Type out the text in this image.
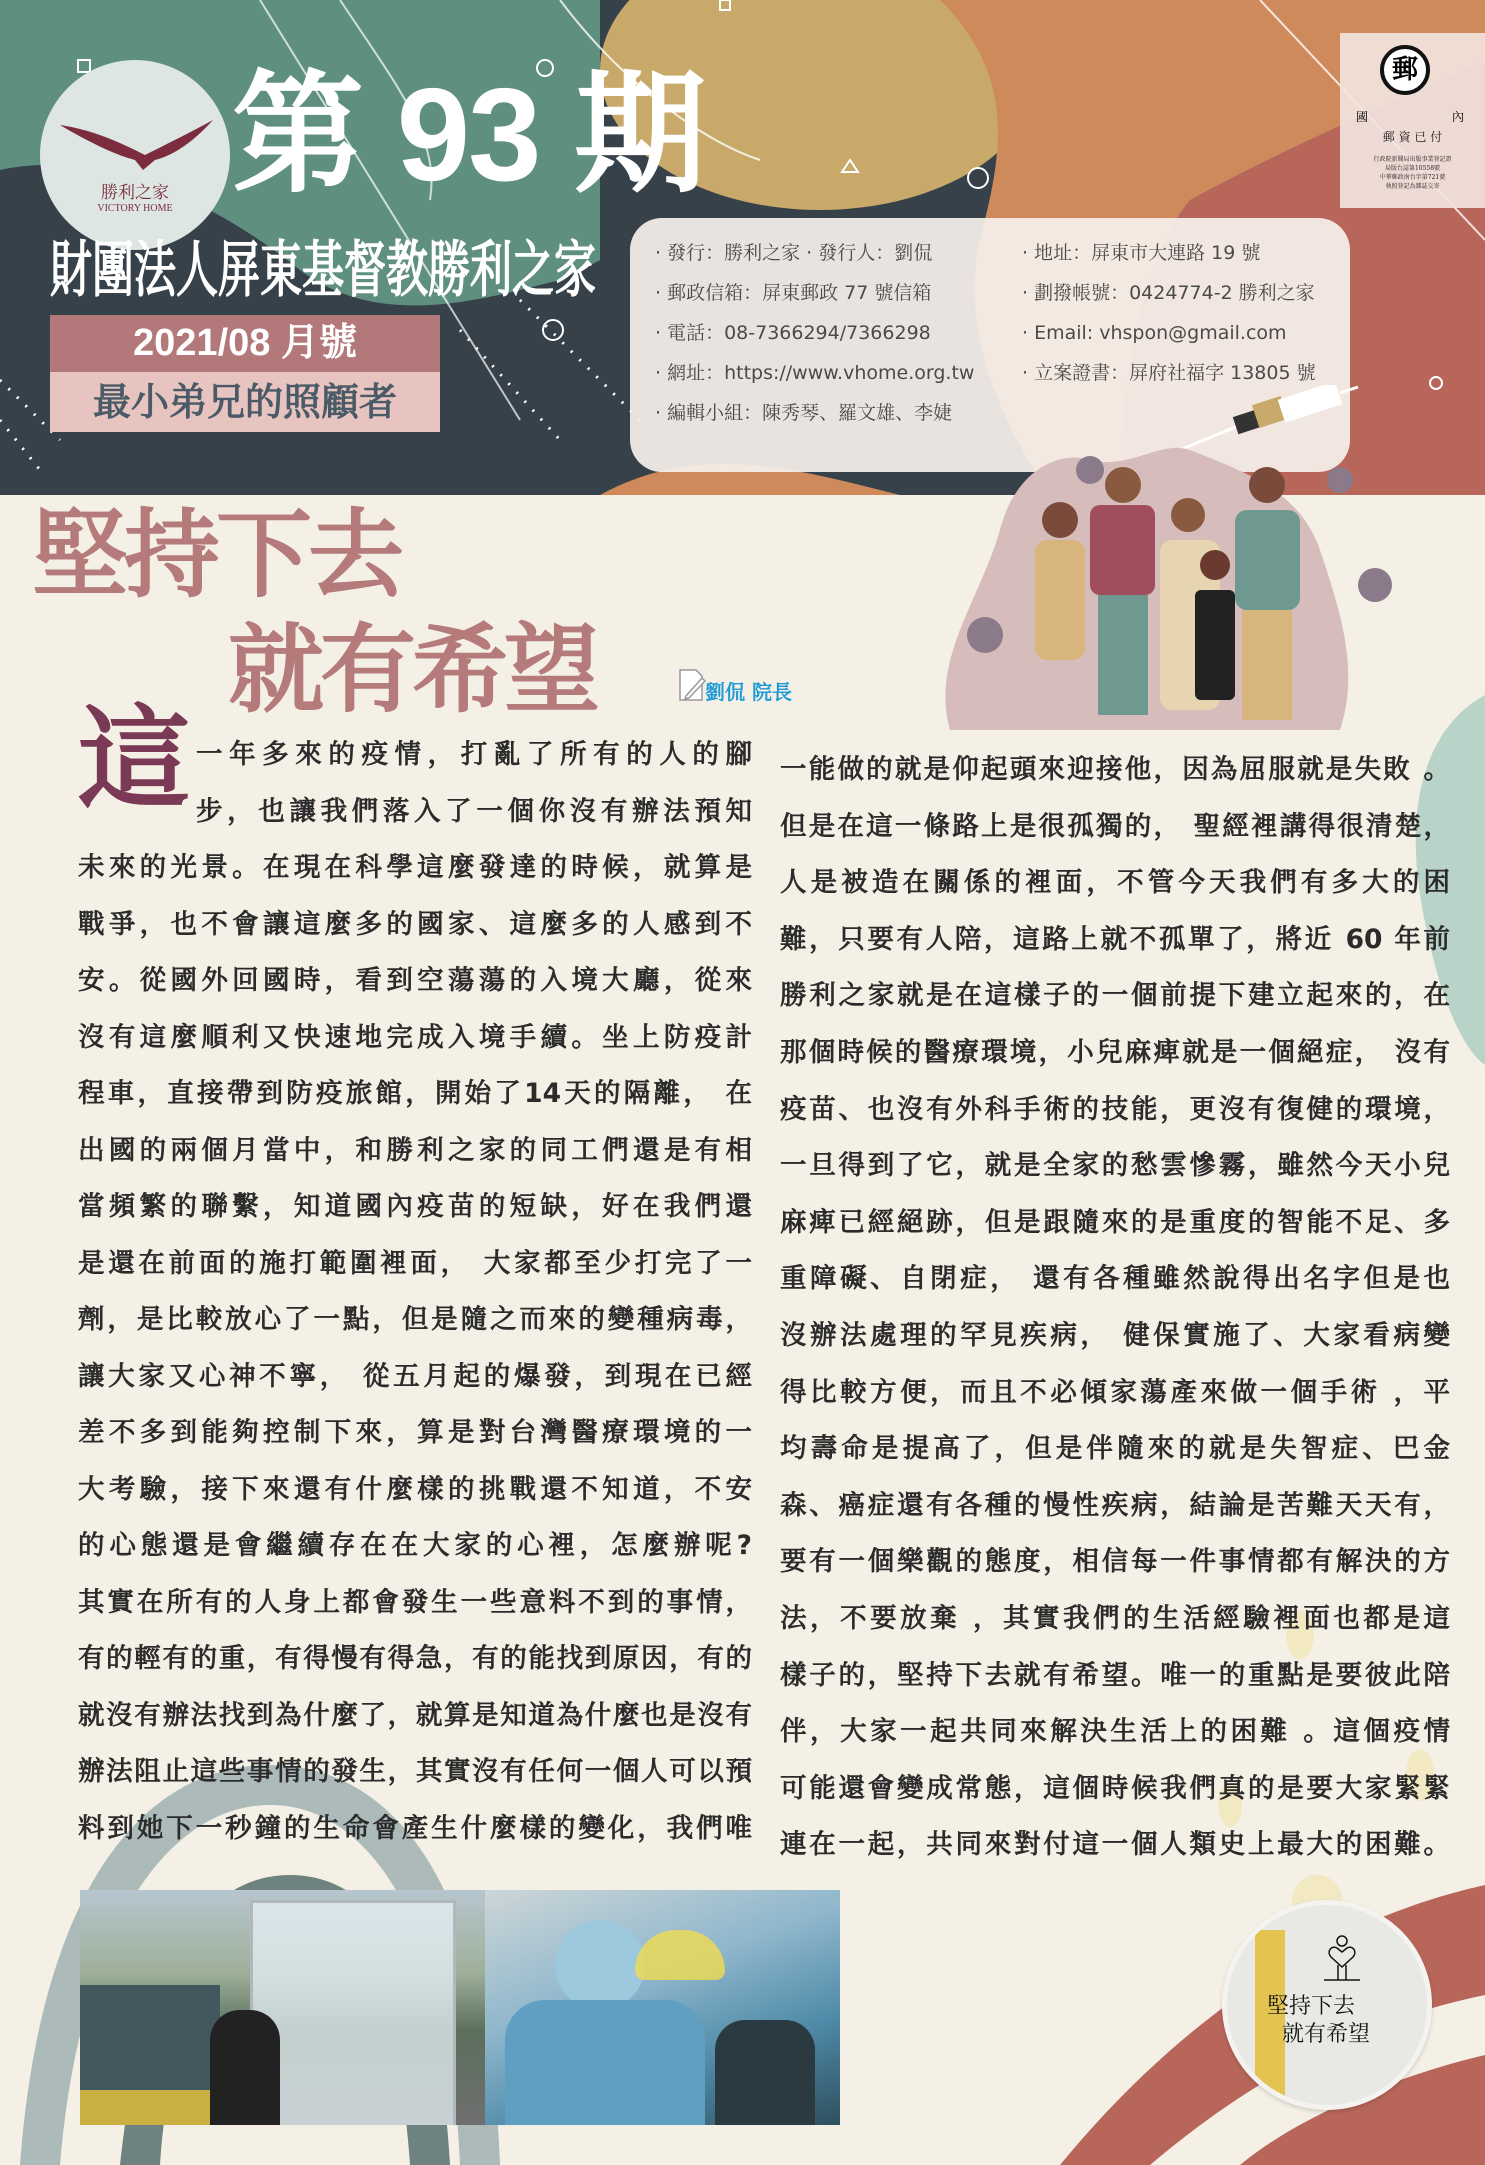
勝利之家
VICTORY HOME
第 93 期
財團法人屏東基督教勝利之家
2021/08 月號
最小弟兄的照顧者
· 發行：勝利之家 · 發行人：劉侃
· 郵政信箱：屏東郵政 77 號信箱
· 電話：08-7366294/7366298
· 網址：https://www.vhome.org.tw
· 編輯小組：陳秀琴、羅文雄、李婕
· 地址：屏東市大連路 19 號
· 劃撥帳號：0424774-2 勝利之家
· Email: vhspon@gmail.com
· 立案證書：屏府社福字 13805 號
郵
國	內
郵 資 已 付
行政院新聞局出版事業登記證
局版台誌第10558號
中華郵政南台字第721號
執照登記為雜誌交寄
堅持下去
就有希望	劉侃 院長
這 一年多來的疫情，打亂了所有的人的腳
步，也讓我們落入了一個你沒有辦法預知
未來的光景。在現在科學這麼發達的時候，就算是
戰爭，也不會讓這麼多的國家、這麼多的人感到不
安。從國外回國時，看到空蕩蕩的入境大廳，從來
沒有這麼順利又快速地完成入境手續。坐上防疫計
程車，直接帶到防疫旅館，開始了14天的隔離， 在
出國的兩個月當中，和勝利之家的同工們還是有相
當頻繁的聯繫，知道國內疫苗的短缺，好在我們還
是還在前面的施打範圍裡面， 大家都至少打完了一
劑，是比較放心了一點，但是隨之而來的變種病毒，
讓大家又心神不寧， 從五月起的爆發，到現在已經
差不多到能夠控制下來，算是對台灣醫療環境的一
大考驗，接下來還有什麼樣的挑戰還不知道，不安
的心態還是會繼續存在在大家的心裡，怎麼辦呢?
其實在所有的人身上都會發生一些意料不到的事情，
有的輕有的重，有得慢有得急，有的能找到原因，有的
就沒有辦法找到為什麼了，就算是知道為什麼也是沒有
辦法阻止這些事情的發生，其實沒有任何一個人可以預
料到她下一秒鐘的生命會產生什麼樣的變化，我們唯
一能做的就是仰起頭來迎接他，因為屈服就是失敗 。
但是在這一條路上是很孤獨的， 聖經裡講得很清楚，
人是被造在關係的裡面，不管今天我們有多大的困
難，只要有人陪，這路上就不孤單了，將近 60 年前
勝利之家就是在這樣子的一個前提下建立起來的，在
那個時候的醫療環境，小兒麻痺就是一個絕症， 沒有
疫苗、也沒有外科手術的技能，更沒有復健的環境，
一旦得到了它，就是全家的愁雲慘霧，雖然今天小兒
麻痺已經絕跡，但是跟隨來的是重度的智能不足、多
重障礙、自閉症， 還有各種雖然說得出名字但是也
沒辦法處理的罕見疾病， 健保實施了、大家看病變
得比較方便，而且不必傾家蕩產來做一個手術 ，平
均壽命是提高了，但是伴隨來的就是失智症、巴金
森、癌症還有各種的慢性疾病，結論是苦難天天有，
要有一個樂觀的態度，相信每一件事情都有解決的方
法，不要放棄 ，其實我們的生活經驗裡面也都是這
樣子的，堅持下去就有希望。唯一的重點是要彼此陪
伴，大家一起共同來解決生活上的困難 。這個疫情
可能還會變成常態，這個時候我們真的是要大家緊緊
連在一起，共同來對付這一個人類史上最大的困難。
堅持下去
就有希望
